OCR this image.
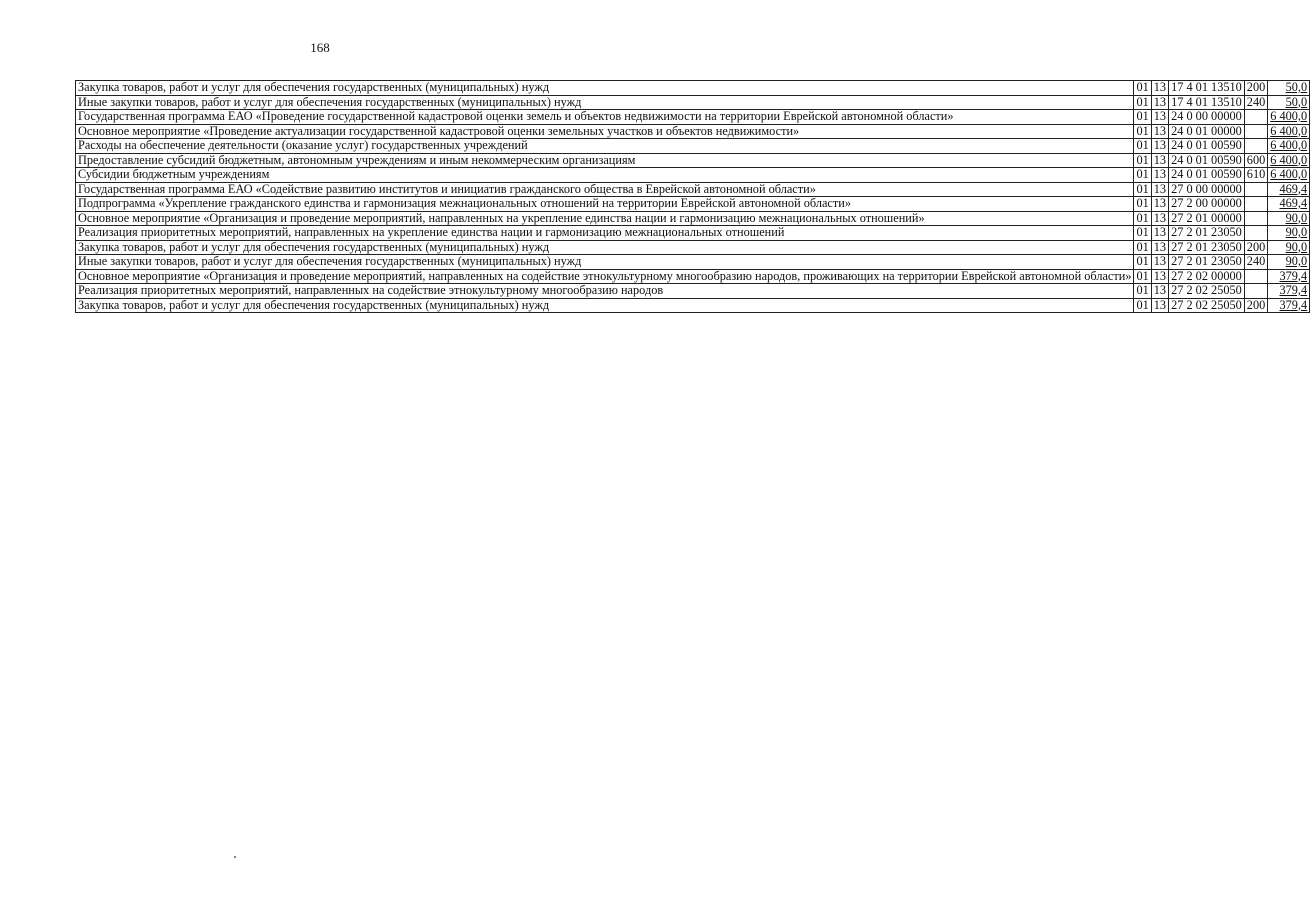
168
Закупка товаров, работ и услуг для обеспечения государственных (муниципальных) нужд	01	13	17 4 01 13510	200	50,0
Иные закупки товаров, работ и услуг для обеспечения государственных (муниципальных) нужд	01	13	17 4 01 13510	240	50,0
Государственная программа ЕАО «Проведение государственной кадастровой оценки земель и объектов недвижимости на территории Еврейской автономной области»	01	13	24 0 00 00000		6 400,0
Основное мероприятие «Проведение актуализации государственной кадастровой оценки земельных участков и объектов недвижимости»	01	13	24 0 01 00000		6 400,0
Расходы на обеспечение деятельности (оказание услуг) государственных учреждений	01	13	24 0 01 00590		6 400,0
Предоставление субсидий бюджетным, автономным учреждениям и иным некоммерческим организациям	01	13	24 0 01 00590	600	6 400,0
Субсидии бюджетным учреждениям	01	13	24 0 01 00590	610	6 400,0
Государственная программа ЕАО «Содействие развитию институтов и инициатив гражданского общества в Еврейской автономной области»	01	13	27 0 00 00000		469,4
Подпрограмма «Укрепление гражданского единства и гармонизация межнациональных отношений на территории Еврейской автономной области»	01	13	27 2 00 00000		469,4
Основное мероприятие «Организация и проведение мероприятий, направленных на укрепление единства нации и гармонизацию межнациональных отношений»	01	13	27 2 01 00000		90,0
Реализация приоритетных мероприятий, направленных на укрепление единства нации и гармонизацию межнациональных отношений	01	13	27 2 01 23050		90,0
Закупка товаров, работ и услуг для обеспечения государственных (муниципальных) нужд	01	13	27 2 01 23050	200	90,0
Иные закупки товаров, работ и услуг для обеспечения государственных (муниципальных) нужд	01	13	27 2 01 23050	240	90,0
Основное мероприятие «Организация и проведение мероприятий, направленных на содействие этнокультурному многообразию народов, проживающих на территории Еврейской автономной области»	01	13	27 2 02 00000		379,4
Реализация приоритетных мероприятий, направленных на содействие этнокультурному многообразию народов	01	13	27 2 02 25050		379,4
Закупка товаров, работ и услуг для обеспечения государственных (муниципальных) нужд	01	13	27 2 02 25050	200	379,4
